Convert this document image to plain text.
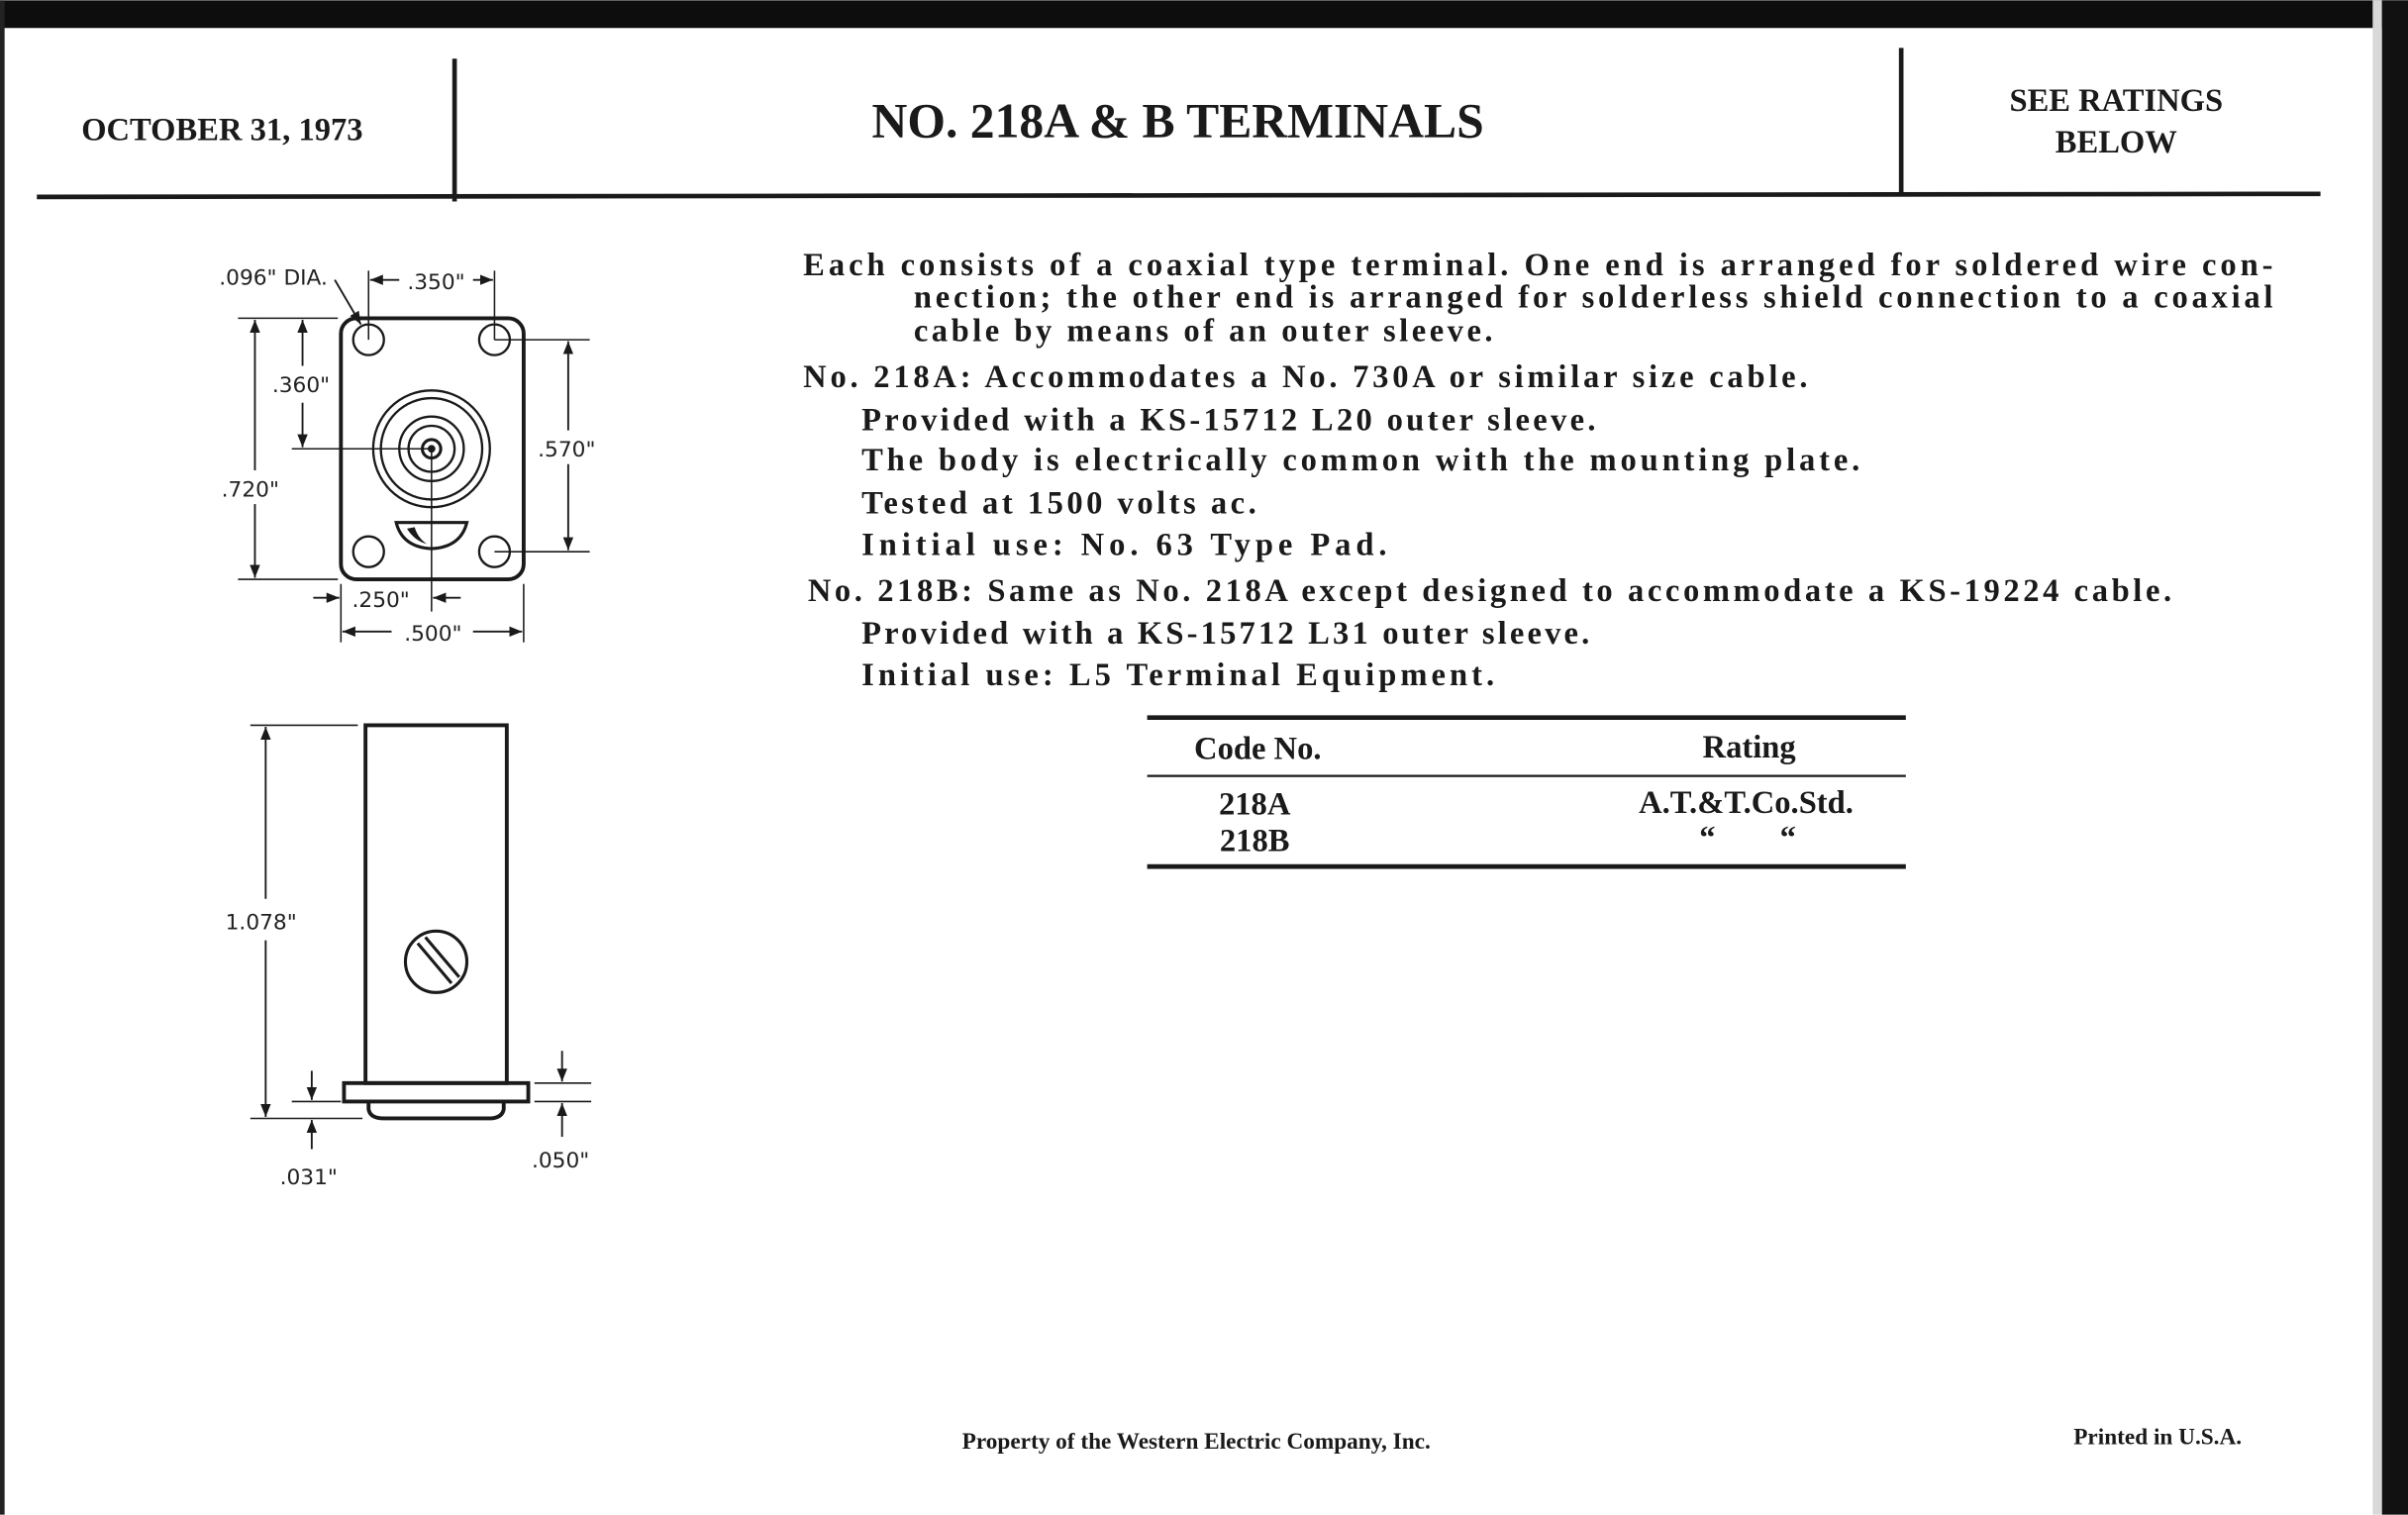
OCTOBER 31, 1973	NO. 218A & B TERMINALS	SEE RATINGS
BELOW
Each consists of a coaxial type terminal. One end is arranged for soldered wire con-
nection; the other end is arranged for solderless shield connection to a coaxial
cable by means of an outer sleeve.
No. 218A: Accommodates a No. 730A or similar size cable.
Provided with a KS-15712 L20 outer sleeve.
The body is electrically common with the mounting plate.
Tested at 1500 volts ac.
Initial use: No. 63 Type Pad.
No. 218B: Same as No. 218A except designed to accommodate a KS-19224 cable.
Provided with a KS-15712 L31 outer sleeve.
Initial use: L5 Terminal Equipment.
Code No.	Rating
218A	A.T.&T.Co.Std.
218B	“        “
.096" DIA.	.350"
.360"
.720"
.570"
.250"
.500"
1.078"
.031"
.050"
Property of the Western Electric Company, Inc.	Printed in U.S.A.
